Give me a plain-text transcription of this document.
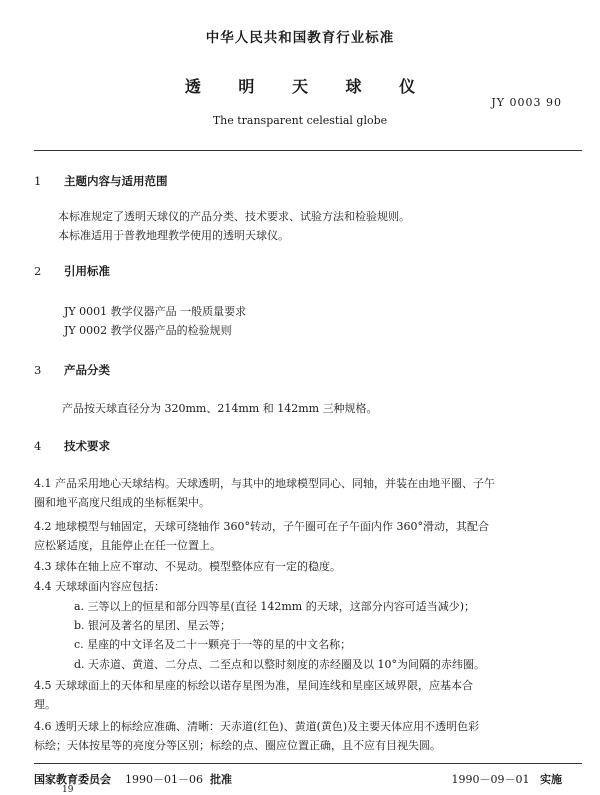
中华人民共和国教育行业标准
透 明 天 球 仪
JY 0003 90
The transparent celestial globe
1 主题内容与适用范围
本标准规定了透明天球仪的产品分类、技术要求、试验方法和检验规则。
本标准适用于普教地理教学使用的透明天球仪。
2 引用标准
JY 0001 教学仪器产品 一般质量要求
JY 0002 教学仪器产品的检验规则
3 产品分类
产品按天球直径分为 320mm、214mm 和 142mm 三种规格。
4 技术要求
4.1 产品采用地心天球结构。天球透明，与其中的地球模型同心、同轴，并装在由地平圈、子午
圈和地平高度尺组成的坐标框架中。
4.2 地球模型与轴固定，天球可绕轴作 360°转动，子午圈可在子午面内作 360°滑动，其配合
应松紧适度，且能停止在任一位置上。
4.3 球体在轴上应不窜动、不晃动。模型整体应有一定的稳度。
4.4 天球球面内容应包括：
a. 三等以上的恒星和部分四等星(直径 142mm 的天球，这部分内容可适当减少)；
b. 银河及著名的星团、星云等；
c. 星座的中文译名及二十一颗亮于一等的星的中文名称；
d. 天赤道、黄道、二分点、二至点和以整时刻度的赤经圈及以 10°为间隔的赤纬圈。
4.5 天球球面上的天体和星座的标绘以诺存星图为准，星间连线和星座区域界限，应基本合
理。
4.6 透明天球上的标绘应准确、清晰：天赤道(红色)、黄道(黄色)及主要天体应用不透明色彩
标绘；天体按星等的亮度分等区别；标绘的点、圈应位置正确，且不应有目视失圆。
国家教育委员会 1990－01－06 批准	1990－09－01 实施
19
